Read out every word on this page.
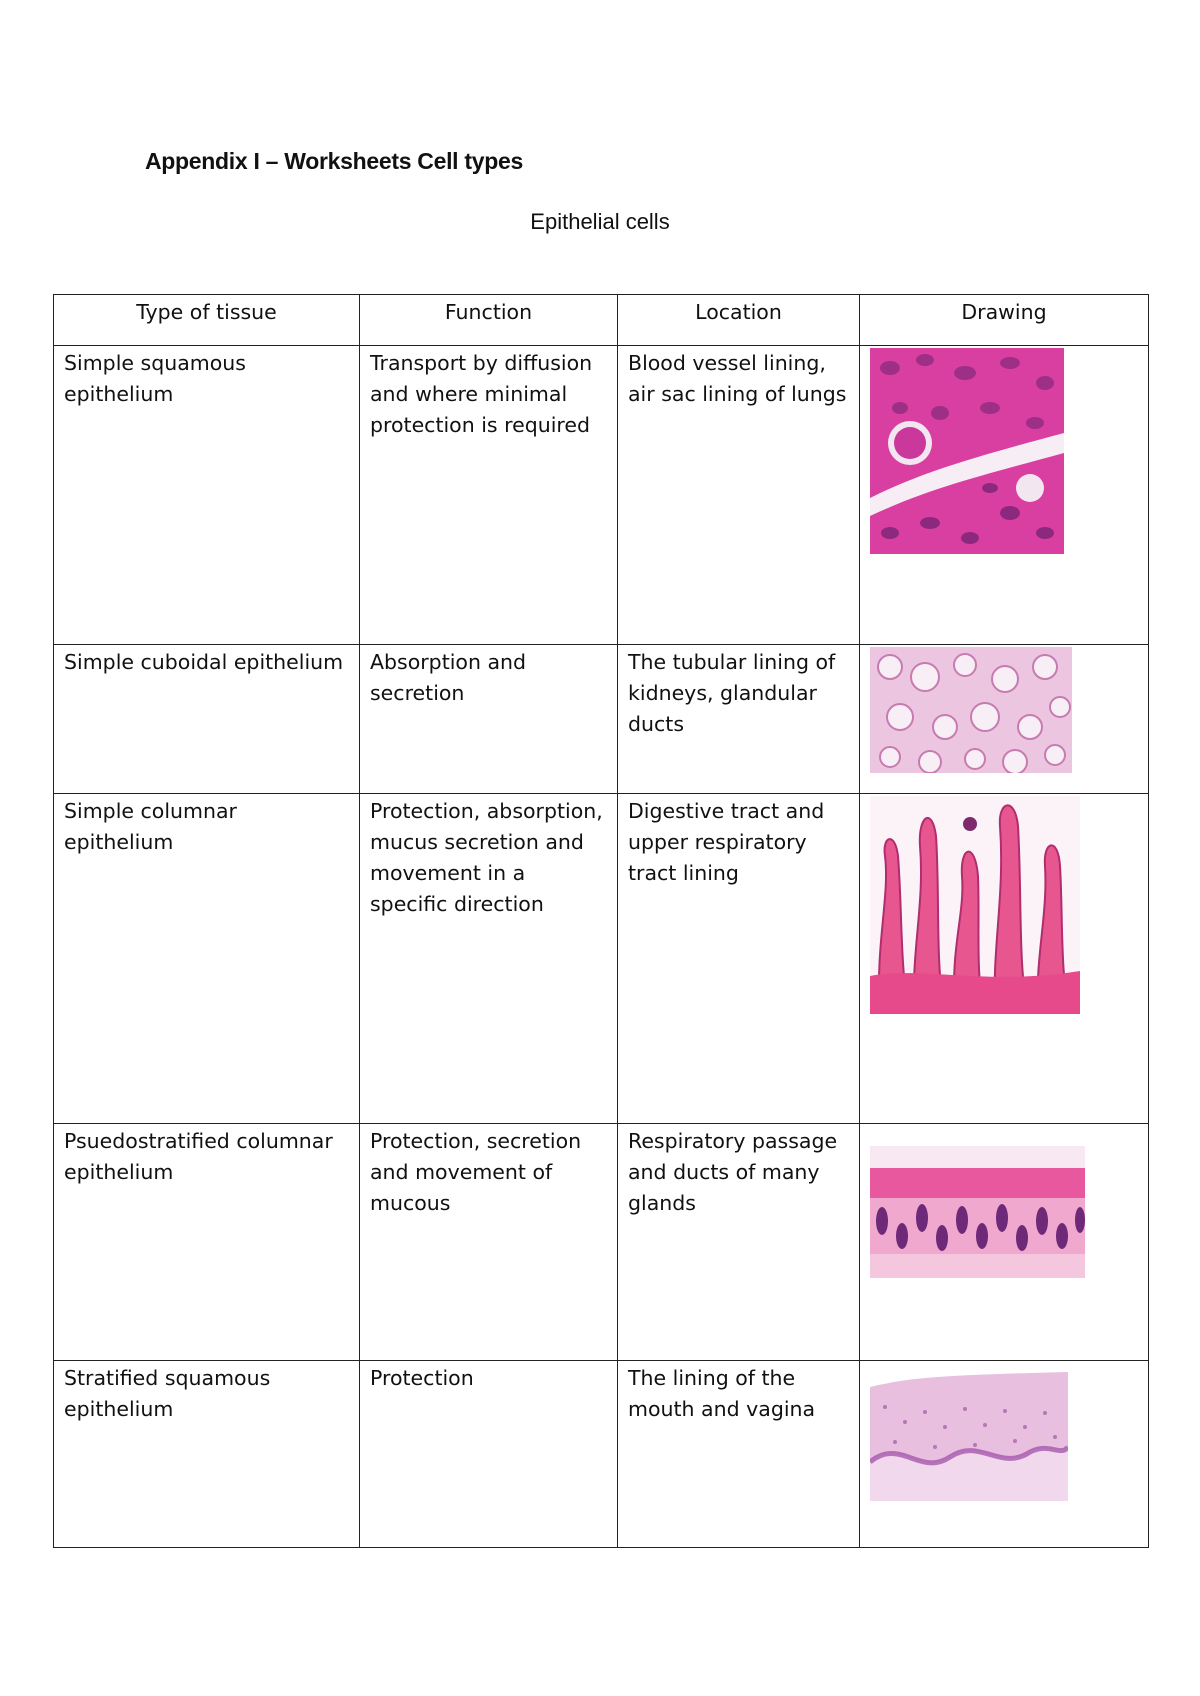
Appendix I – Worksheets Cell types
Epithelial cells
Type of tissue	Function	Location	Drawing
Simple squamous epithelium	Transport by diffusion and where minimal protection is required	Blood vessel lining, air sac lining of lungs	

Simple cuboidal epithelium	Absorption and secretion	The tubular lining of kidneys, glandular ducts	

Simple columnar epithelium	Protection, absorption, mucus secretion and movement in a specific direction	Digestive tract and upper respiratory tract lining	

Psuedostratified columnar epithelium	Protection, secretion and movement of mucous	Respiratory passage and ducts of many glands	

Stratified squamous epithelium	Protection	The lining of the mouth and vagina	
